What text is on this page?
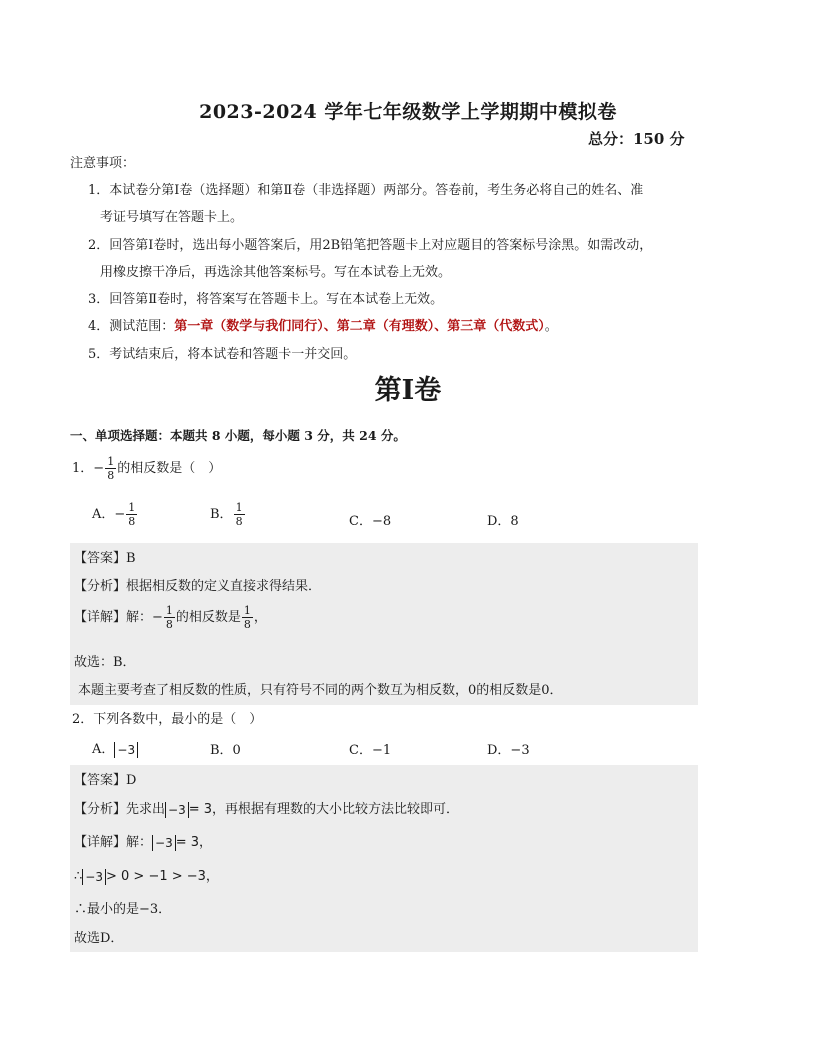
2023-2024 学年七年级数学上学期期中模拟卷
总分：150 分
注意事项：
1．本试卷分第Ⅰ卷（选择题）和第Ⅱ卷（非选择题）两部分。答卷前，考生务必将自己的姓名、准
考证号填写在答题卡上。
2．回答第Ⅰ卷时，选出每小题答案后，用2B铅笔把答题卡上对应题目的答案标号涂黑。如需改动，
用橡皮擦干净后，再选涂其他答案标号。写在本试卷上无效。
3．回答第Ⅱ卷时，将答案写在答题卡上。写在本试卷上无效。
4．测试范围：第一章（数学与我们同行）、第二章（有理数）、第三章（代数式）。
5．考试结束后，将本试卷和答题卡一并交回。
第Ⅰ卷
一、单项选择题：本题共 8 小题，每小题 3 分，共 24 分。
1．− $\frac{1}{8}$ 的相反数是（　）
A．− $\frac{1}{8}$	B． $\frac{1}{8}$	C．−8	D．8
【答案】B
【分析】根据相反数的定义直接求得结果．
【详解】解：− $\frac{1}{8}$ 的相反数是 $\frac{1}{8}$ ，
故选：B．
本题主要考查了相反数的性质，只有符号不同的两个数互为相反数，0的相反数是0．
2．下列各数中，最小的是（　）
A． −3	B．0	C．−1	D．−3
【答案】D
【分析】先求出 −3 = 3，再根据有理数的大小比较方法比较即可．
【详解】解： −3 = 3，
∴ −3 > 0 > −1 > −3，
∴最小的是−3．
故选D．
